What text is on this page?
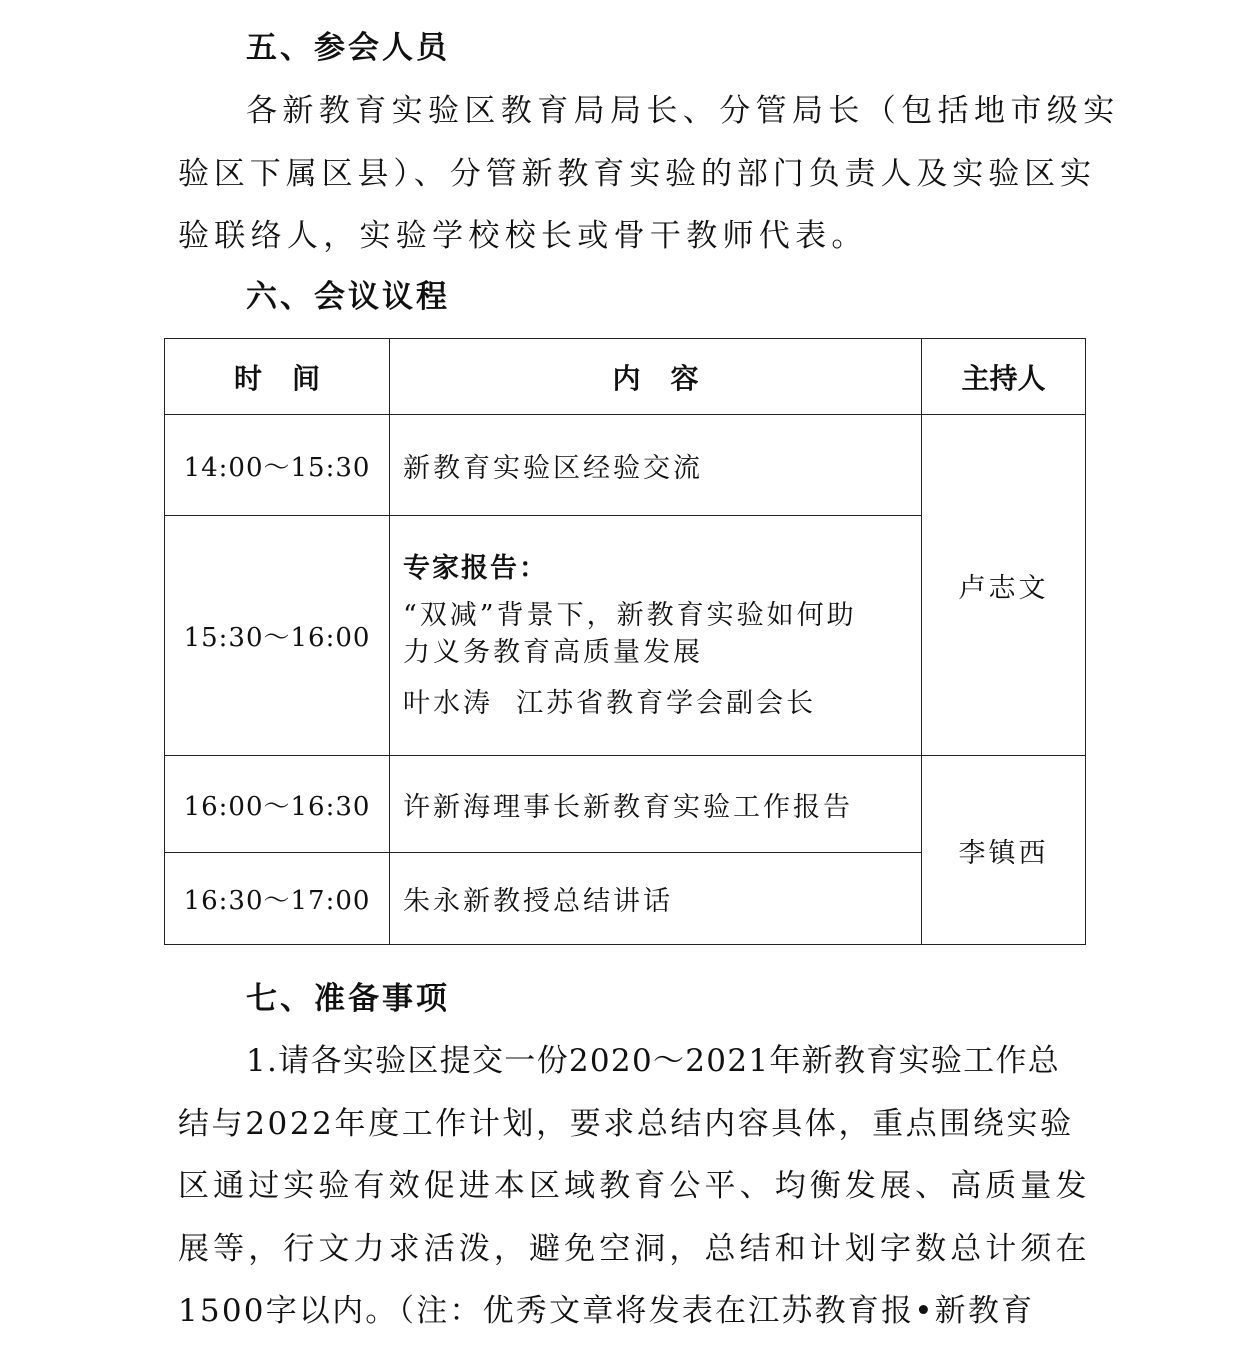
五、参会人员
各新教育实验区教育局局长、分管局长（包括地市级实
验区下属区县）、分管新教育实验的部门负责人及实验区实
验联络人，实验学校校长或骨干教师代表。
六、会议议程
时间	内容	主持人
14:00～15:30	新教育实验区经验交流	卢志文
15:30～16:00	专家报告：
“双减”背景下，新教育实验如何助
力义务教育高质量发展
叶水涛  江苏省教育学会副会长	

16:00～16:30	许新海理事长新教育实验工作报告	李镇西
16:30～17:00	朱永新教授总结讲话	
七、准备事项
1.请各实验区提交一份2020～2021年新教育实验工作总
结与2022年度工作计划，要求总结内容具体，重点围绕实验
区通过实验有效促进本区域教育公平、均衡发展、高质量发
展等，行文力求活泼，避免空洞，总结和计划字数总计须在
1500字以内。（注：优秀文章将发表在江苏教育报•新教育
